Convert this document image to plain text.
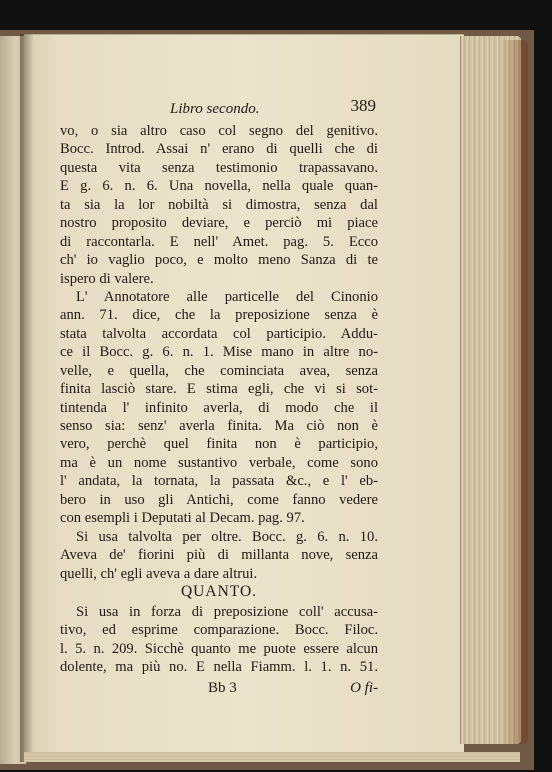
Libro secondo.	389
vo, o sia altro caso col segno del genitivo.
Bocc. Introd. Assai n' erano di quelli che di
questa vita senza testimonio trapassavano.
E g. 6. n. 6. Una novella, nella quale quan-
ta sia la lor nobiltà si dimostra, senza dal
nostro proposito deviare, e perciò mi piace
di raccontarla. E nell' Amet. pag. 5. Ecco
ch' io vaglio poco, e molto meno Sanza di te
ispero di valere.
L' Annotatore alle particelle del Cinonio
ann. 71. dice, che la preposizione senza è
stata talvolta accordata col participio. Addu-
ce il Bocc. g. 6. n. 1. Mise mano in altre no-
velle, e quella, che cominciata avea, senza
finita lasciò stare. E stima egli, che vi si sot-
tintenda l' infinito averla, di modo che il
senso sia: senz' averla finita. Ma ciò non è
vero, perchè quel finita non è participio,
ma è un nome sustantivo verbale, come sono
l' andata, la tornata, la passata &c., e l' eb-
bero in uso gli Antichi, come fanno vedere
con esempli i Deputati al Decam. pag. 97.
Si usa talvolta per oltre. Bocc. g. 6. n. 10.
Aveva de' fiorini più di millanta nove, senza
quelli, ch' egli aveva a dare altrui.
QUANTO.
Si usa in forza di preposizione coll' accusa-
tivo, ed esprime comparazione. Bocc. Filoc.
l. 5. n. 209. Sicchè quanto me puote essere alcun
dolente, ma più no. E nella Fiamm. l. 1. n. 51.
Bb 3	O fi-
